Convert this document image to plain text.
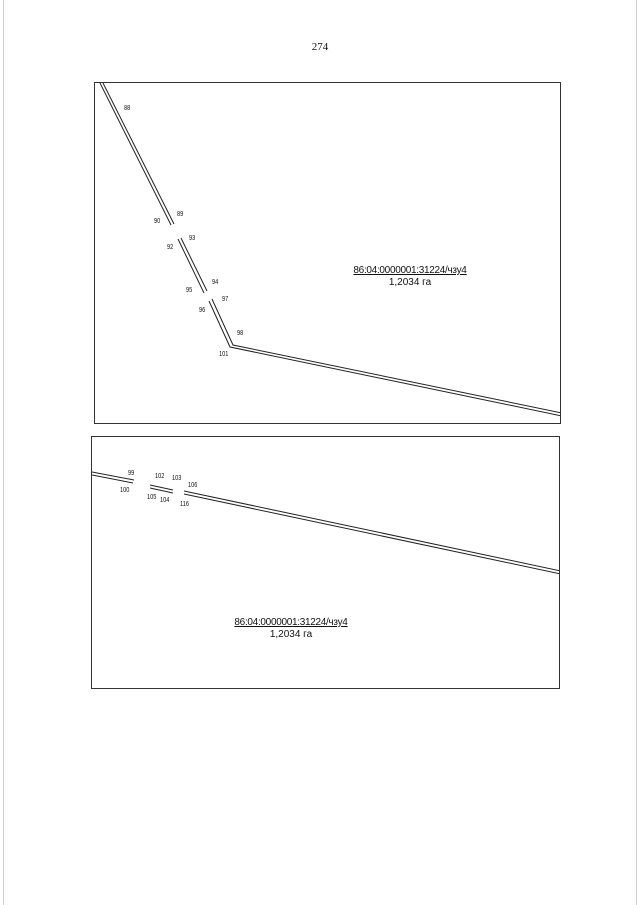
274
88
89
90
92
93
94
95
96
97
98
101
86:04:0000001:31224/чзу4
1,2034 га
99
100
102 103
105 104
106
116
86:04:0000001:31224/чзу4
1,2034 га
